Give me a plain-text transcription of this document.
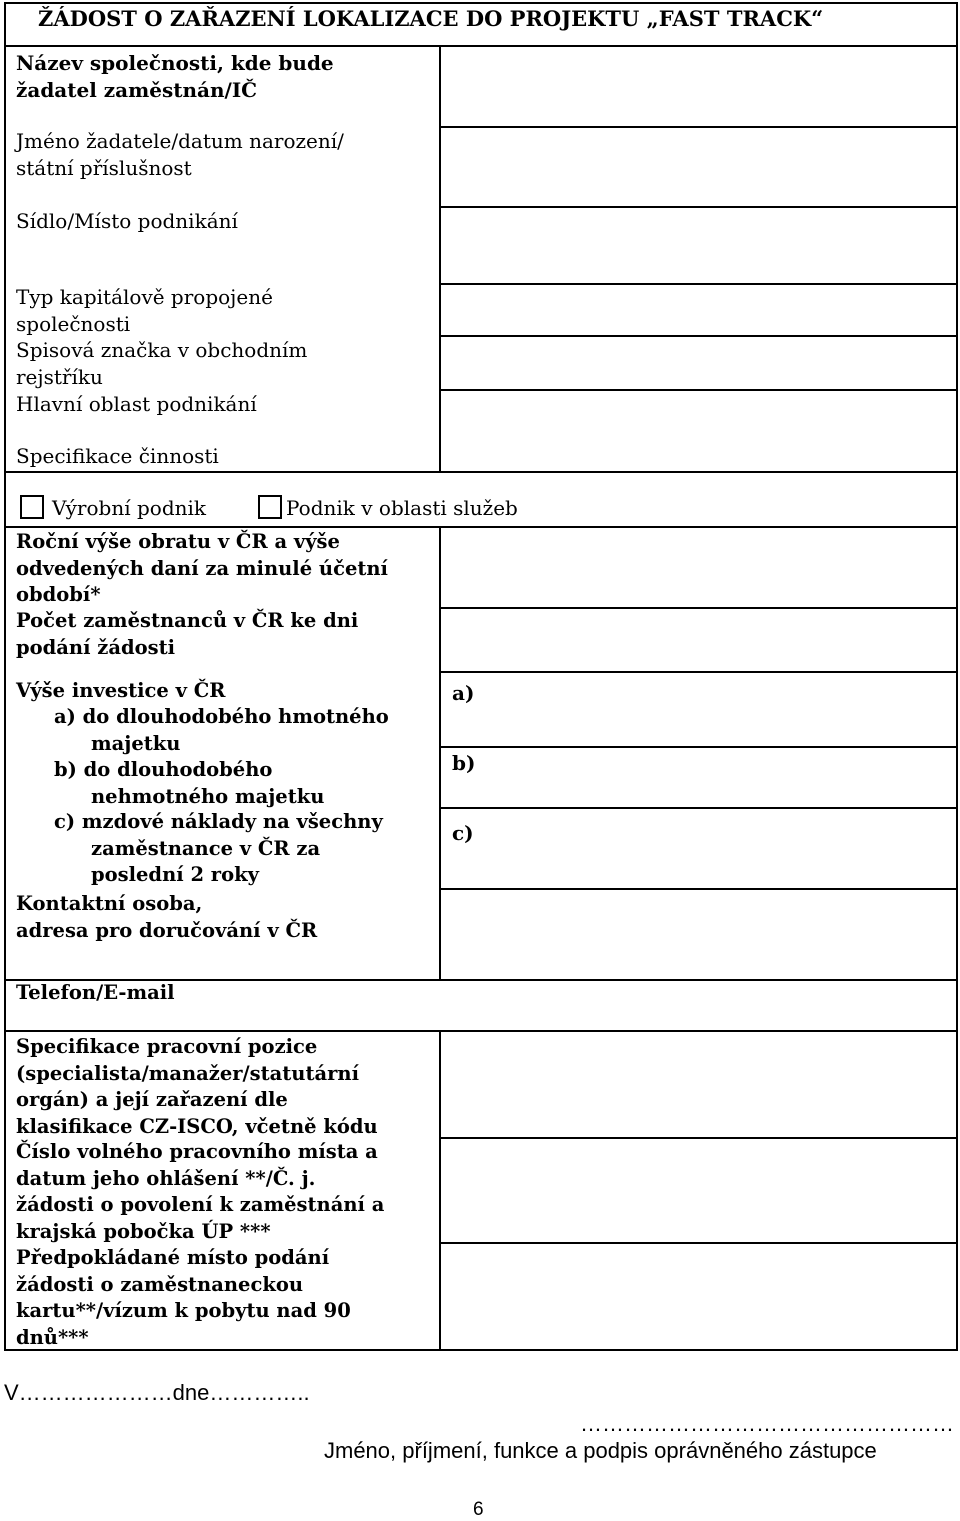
ŽÁDOST O ZAŘAZENÍ LOKALIZACE DO PROJEKTU „FAST TRACK“
Název společnosti, kde bude
žadatel zaměstnán/IČ
Jméno žadatele/datum narození/
státní příslušnost
Sídlo/Místo podnikání
Typ kapitálově propojené
společnosti
Spisová značka v obchodním
rejstříku
Hlavní oblast podnikání
Specifikace činnosti
Výrobní podnik	Podnik v oblasti služeb
Roční výše obratu v ČR a výše
odvedených daní za minulé účetní
období*
Počet zaměstnanců v ČR ke dni
podání žádosti
Výše investice v ČR
a) do dlouhodobého hmotného
majetku
b) do dlouhodobého
nehmotného majetku
c) mzdové náklady na všechny
zaměstnance v ČR za
poslední 2 roky
a)
b)
c)
Kontaktní osoba,
adresa pro doručování v ČR
Telefon/E-mail
Specifikace pracovní pozice
(specialista/manažer/statutární
orgán) a její zařazení dle
klasifikace CZ-ISCO, včetně kódu
Číslo volného pracovního místa a
datum jeho ohlášení **/Č. j.
žádosti o povolení k zaměstnání a
krajská pobočka ÚP ***
Předpokládané místo podání
žádosti o zaměstnaneckou
kartu**/vízum k pobytu nad 90
dnů***
V…………………dne…………..
……………………………………………
Jméno, příjmení, funkce a podpis oprávněného zástupce
6
